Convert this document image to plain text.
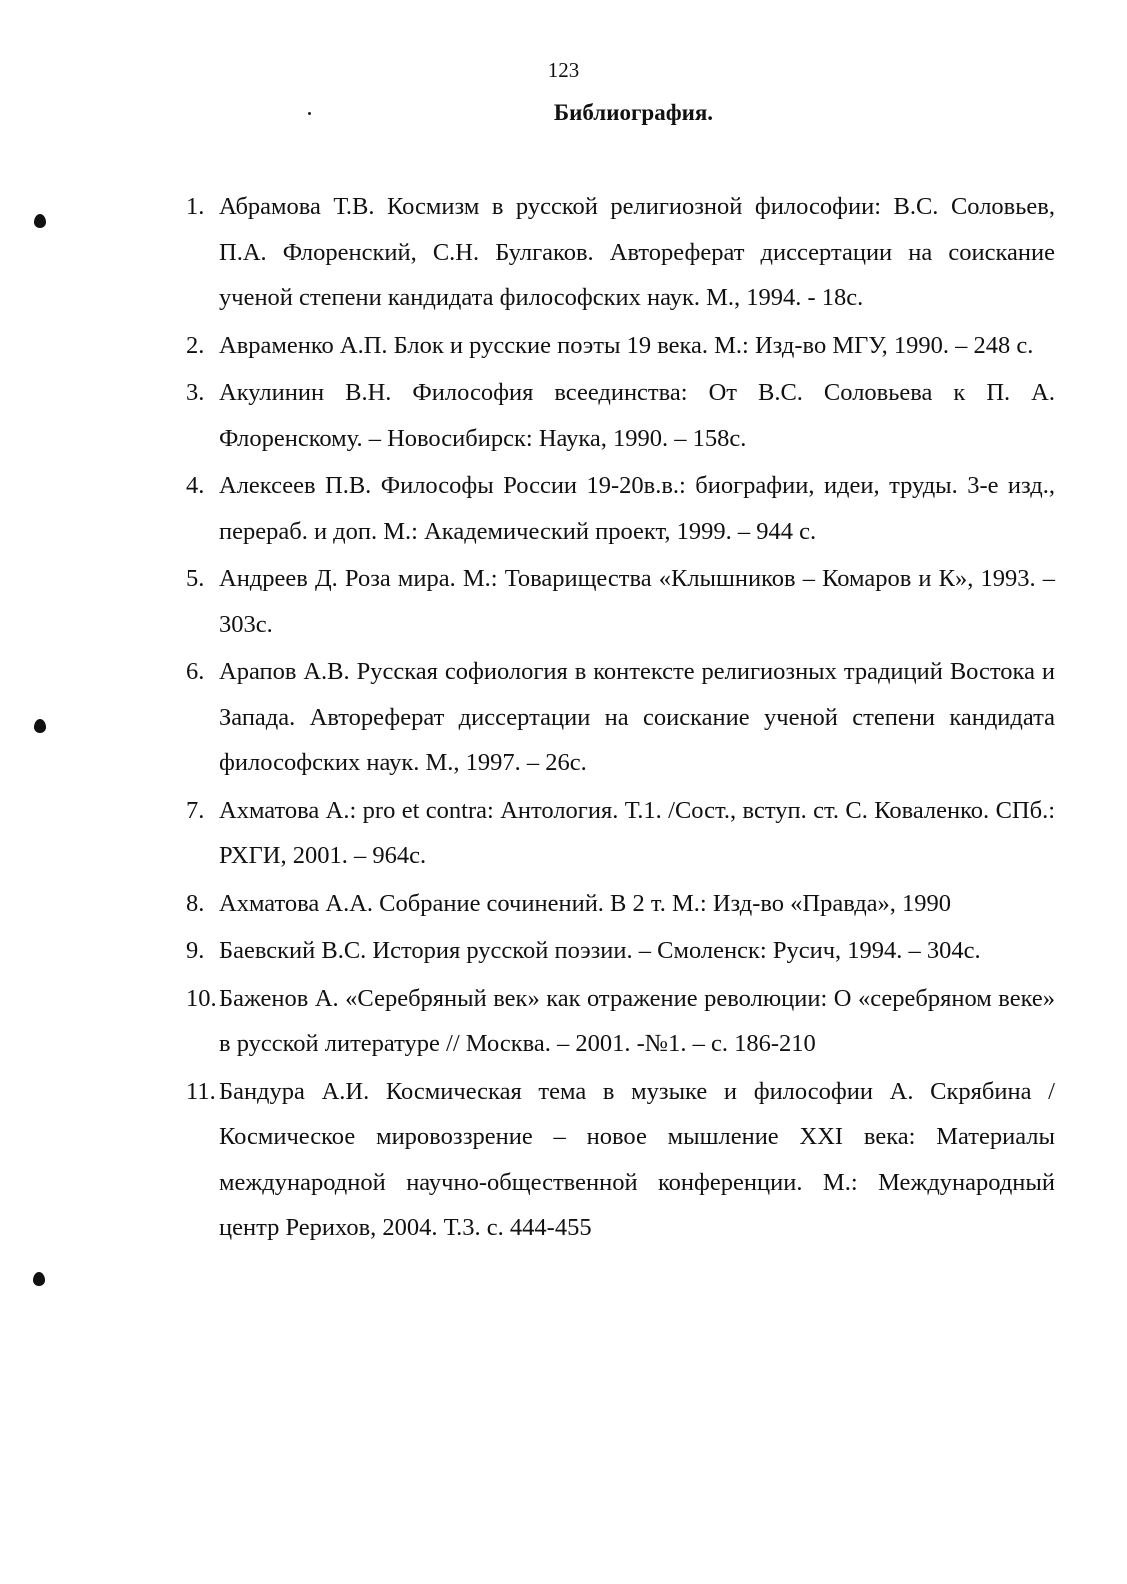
123
Библиография.
1. Абрамова Т.В. Космизм в русской религиозной философии: В.С. Соловьев, П.А. Флоренский, С.Н. Булгаков. Автореферат диссертации на соискание ученой степени кандидата философских наук. М., 1994. - 18с.
2. Авраменко А.П. Блок и русские поэты 19 века. М.: Изд-во МГУ, 1990. – 248 с.
3. Акулинин В.Н. Философия всеединства: От В.С. Соловьева к П. А. Флоренскому. – Новосибирск: Наука, 1990. – 158с.
4. Алексеев П.В. Философы России 19-20в.в.: биографии, идеи, труды. 3-е изд., перераб. и доп. М.: Академический проект, 1999. – 944 с.
5. Андреев Д. Роза мира. М.: Товарищества «Клышников – Комаров и К», 1993. – 303с.
6. Арапов А.В. Русская софиология в контексте религиозных традиций Востока и Запада. Автореферат диссертации на соискание ученой степени кандидата философских наук. М., 1997. – 26с.
7. Ахматова А.: pro et contra: Антология. Т.1. /Сост., вступ. ст. С. Коваленко. СПб.: РХГИ, 2001. – 964с.
8. Ахматова А.А. Собрание сочинений. В 2 т. М.: Изд-во «Правда», 1990
9. Баевский В.С. История русской поэзии. – Смоленск: Русич, 1994. – 304с.
10. Баженов А. «Серебряный век» как отражение революции: О «серебряном веке» в русской литературе // Москва. – 2001. -№1. – с. 186-210
11. Бандура А.И. Космическая тема в музыке и философии А. Скрябина / Космическое мировоззрение – новое мышление XXI века: Материалы международной научно-общественной конференции. М.: Международный центр Рерихов, 2004. Т.3. с. 444-455
